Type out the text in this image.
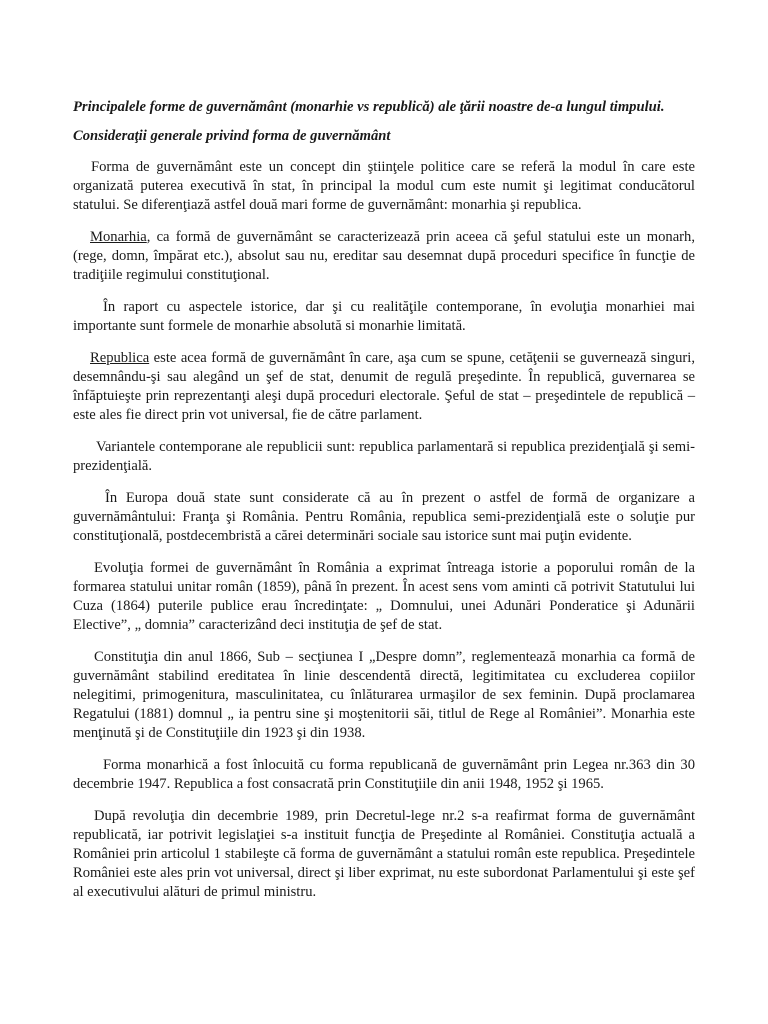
Principalele forme de guvernământ (monarhie vs republică) ale ţării noastre de-a lungul timpului.

Consideraţii generale privind forma de guvernământ

Forma de guvernământ este un concept din ştiinţele politice care se referă la modul în care este organizată puterea executivă în stat, în principal la modul cum este numit şi legitimat conducătorul statului. Se diferenţiază astfel două mari forme de guvernământ: monarhia şi republica.

Monarhia, ca formă de guvernământ se caracterizează prin aceea că şeful statului este un monarh, (rege, domn, împărat etc.), absolut sau nu, ereditar sau desemnat după proceduri specifice în funcţie de tradiţiile regimului constituţional.

În raport cu aspectele istorice, dar şi cu realităţile contemporane, în evoluţia monarhiei mai importante sunt formele de monarhie absolută si monarhie limitată.

Republica este acea formă de guvernământ în care, aşa cum se spune, cetăţenii se guvernează singuri, desemnându-şi sau alegând un şef de stat, denumit de regulă preşedinte. În republică, guvernarea se înfăptuieşte prin reprezentanţi aleşi după proceduri electorale. Şeful de stat – preşedintele de republică – este ales fie direct prin vot universal, fie de către parlament.

Variantele contemporane ale republicii sunt: republica parlamentară si republica prezidenţială şi semi-prezidenţială.

În Europa două state sunt considerate că au în prezent o astfel de formă de organizare a guvernământului: Franţa şi România. Pentru România, republica semi-prezidenţială este o soluţie pur constituţională, postdecembristă a cărei determinări sociale sau istorice sunt mai puţin evidente.

Evoluţia formei de guvernământ în România a exprimat întreaga istorie a poporului român de la formarea statului unitar român (1859), până în prezent. În acest sens vom aminti că potrivit Statutului lui Cuza (1864) puterile publice erau încredinţate: „ Domnului, unei Adunări Ponderatice şi Adunării Elective”, „ domnia” caracterizând deci instituţia de şef de stat.

Constituţia din anul 1866, Sub – secţiunea I „Despre domn”, reglementează monarhia ca formă de guvernământ stabilind ereditatea în linie descendentă directă, legitimitatea cu excluderea copiilor nelegitimi, primogenitura, masculinitatea, cu înlăturarea urmaşilor de sex feminin. După proclamarea Regatului (1881) domnul „ ia pentru sine şi moştenitorii săi, titlul de Rege al României”. Monarhia este menţinută şi de Constituţiile din 1923 şi din 1938.

Forma monarhică a fost înlocuită cu forma republicană de guvernământ prin Legea nr.363 din 30 decembrie 1947. Republica a fost consacrată prin Constituţiile din anii 1948, 1952 şi 1965.

După revoluţia din decembrie 1989, prin Decretul-lege nr.2 s-a reafirmat forma de guvernământ republicată, iar potrivit legislaţiei s-a instituit funcţia de Preşedinte al României. Constituţia actuală a României prin articolul 1 stabileşte că forma de guvernământ a statului român este republica. Preşedintele României este ales prin vot universal, direct şi liber exprimat, nu este subordonat Parlamentului şi este şef al executivului alături de primul ministru.
